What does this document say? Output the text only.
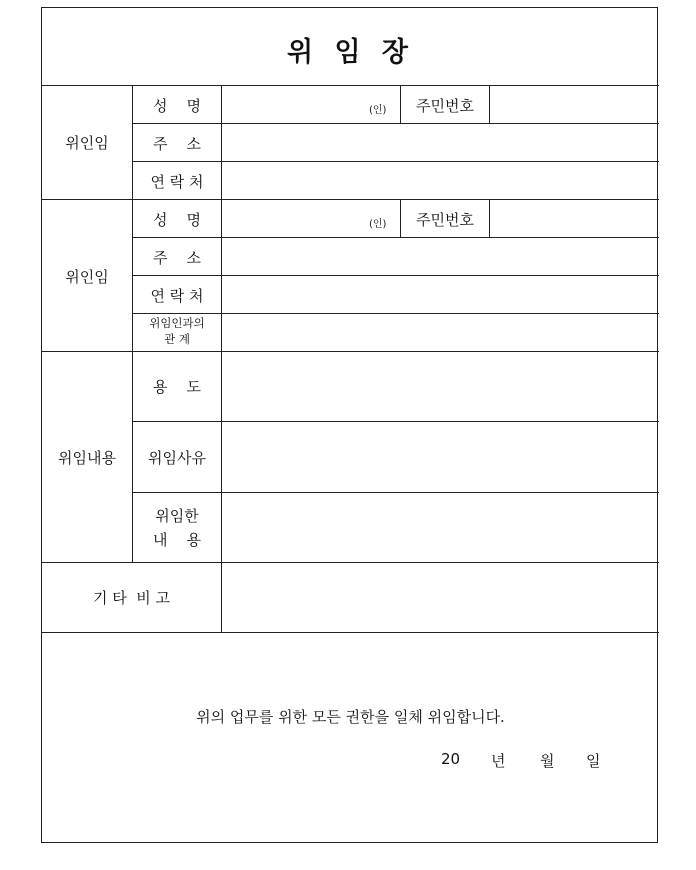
위 임 장
위인임
성    명	(인)	주민번호
주    소
연 락 처
위인임
성    명	(인)	주민번호
주    소
연 락 처
위임인과의
관 계
위임내용
용    도
위임사유
위임한
내    용
기 타  비 고
위의 업무를 위한 모든 권한을 일체 위임합니다.
20 년 월 일
